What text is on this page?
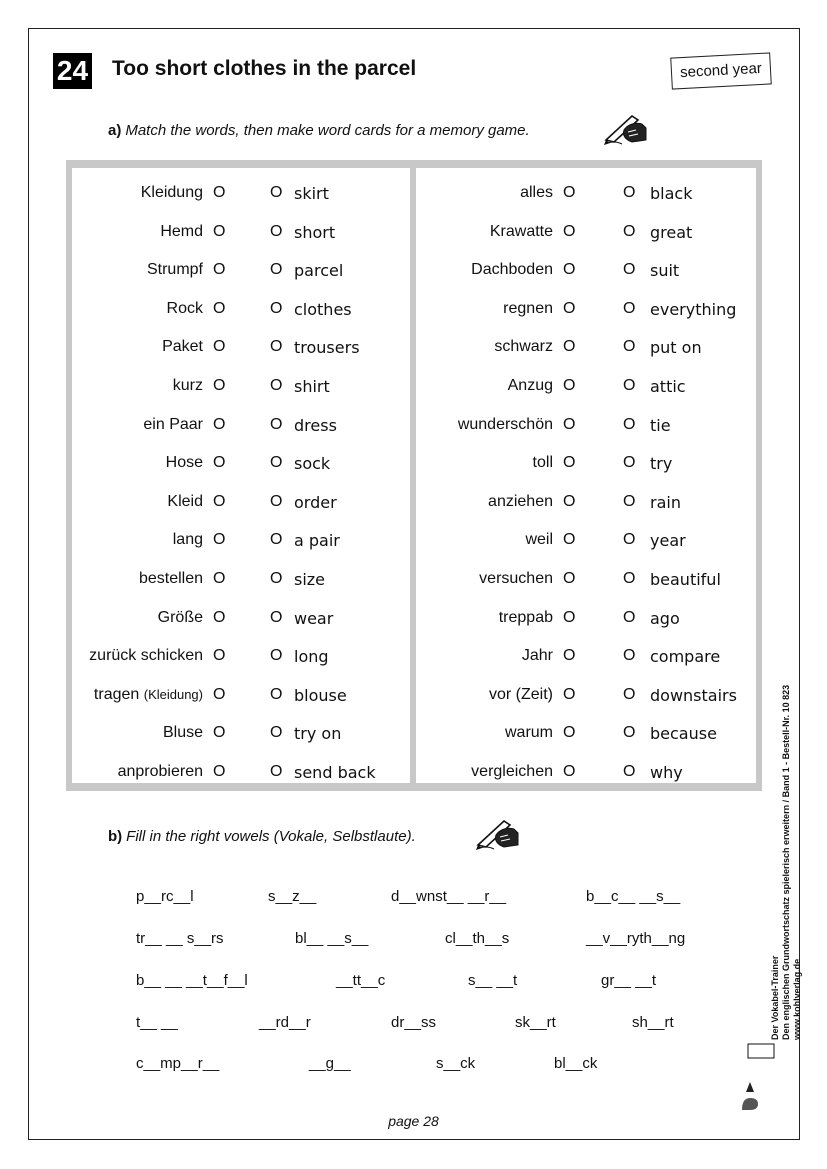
24 Too short clothes in the parcel	second year
a) Match the words, then make word cards for a memory game.
Kleidung O	O skirt
Hemd O	O short
Strumpf O	O parcel
Rock O	O clothes
Paket O	O trousers
kurz O	O shirt
ein Paar O	O dress
Hose O	O sock
Kleid O	O order
lang O	O a pair
bestellen O	O size
Größe O	O wear
zurück schicken O	O long
tragen (Kleidung) O	O blouse
Bluse O	O try on
anprobieren O	O send back
alles O	O black
Krawatte O	O great
Dachboden O	O suit
regnen O	O everything
schwarz O	O put on
Anzug O	O attic
wunderschön O	O tie
toll O	O try
anziehen O	O rain
weil O	O year
versuchen O	O beautiful
treppab O	O ago
Jahr O	O compare
vor (Zeit) O	O downstairs
warum O	O because
vergleichen O	O why
b) Fill in the right vowels (Vokale, Selbstlaute).
p__rc__l	s__z__	d__wnst__ __r__	b__c__ __s__
tr__ __ s__rs	bl__ __s__	cl__th__s	__v__ryth__ng
b__ __ __t__f__l	__tt__c	s__ __t	gr__ __t
t__ __	__rd__r	dr__ss	sk__rt	sh__rt
c__mp__r__	__g__	s__ck	bl__ck
Der Vokabel-Trainer Den englischen Grundwortschatz spielerisch erweitern / Band 1 - Bestell-Nr. 10 823 www.kohlverlag.de
page 28
